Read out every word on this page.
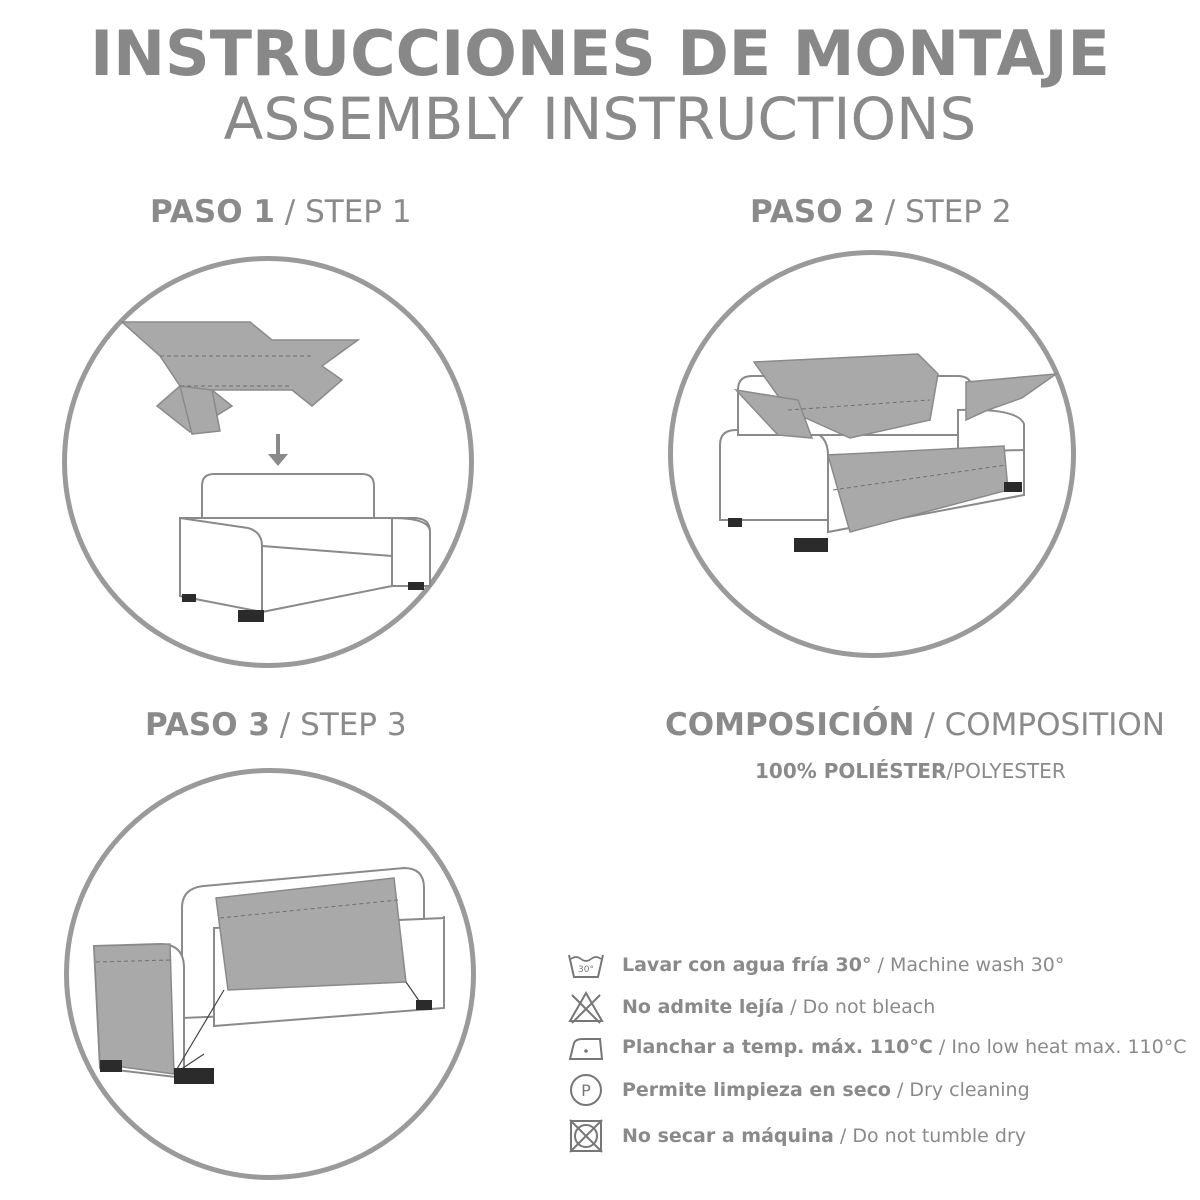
INSTRUCCIONES DE MONTAJE
ASSEMBLY INSTRUCTIONS
PASO 1 / STEP 1	PASO 2 / STEP 2
PASO 3 / STEP 3	COMPOSICIÓN / COMPOSITION
100% POLIÉSTER/POLYESTER
30° Lavar con agua fría 30° / Machine wash 30°
No admite lejía / Do not bleach
Planchar a temp. máx. 110°C / Ino low heat max. 110°C
P Permite limpieza en seco / Dry cleaning
No secar a máquina / Do not tumble dry
